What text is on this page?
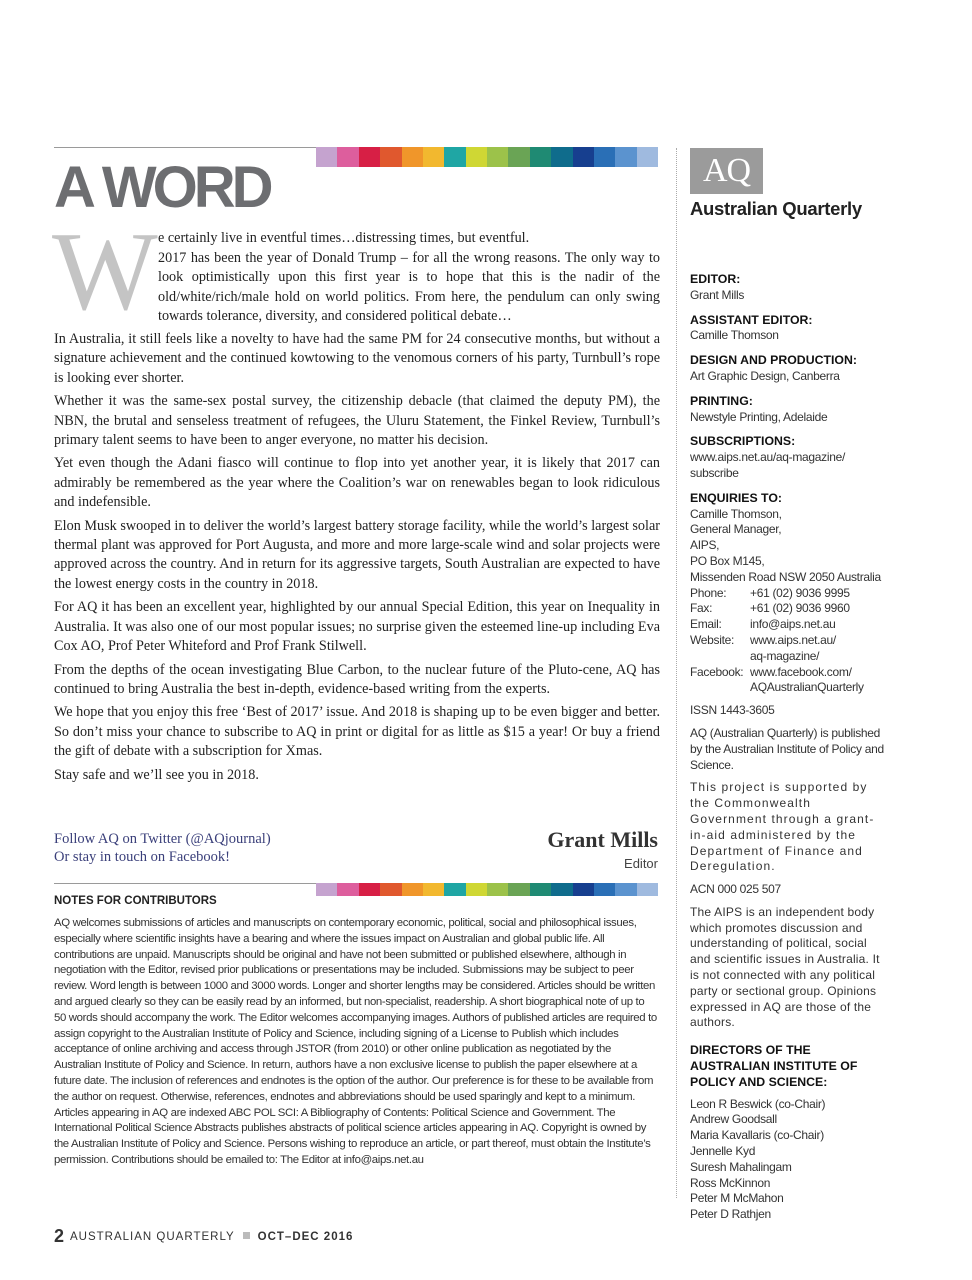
A WORD
W e certainly live in eventful times…distressing times, but eventful.

2017 has been the year of Donald Trump – for all the wrong reasons. The only way to look optimistically upon this first year is to hope that this is the nadir of the old/white/rich/male hold on world politics. From here, the pendulum can only swing towards tolerance, diversity, and considered political debate…

In Australia, it still feels like a novelty to have had the same PM for 24 consecutive months, but without a signature achievement and the continued kowtowing to the venomous corners of his party, Turnbull’s rope is looking ever shorter.

Whether it was the same-sex postal survey, the citizenship debacle (that claimed the deputy PM), the NBN, the brutal and senseless treatment of refugees, the Uluru Statement, the Finkel Review, Turnbull’s primary talent seems to have been to anger everyone, no matter his decision.

Yet even though the Adani fiasco will continue to flop into yet another year, it is likely that 2017 can admirably be remembered as the year where the Coalition’s war on renewables began to look ridiculous and indefensible.

Elon Musk swooped in to deliver the world’s largest battery storage facility, while the world’s largest solar thermal plant was approved for Port Augusta, and more and more large-scale wind and solar projects were approved across the country. And in return for its aggressive targets, South Australian are expected to have the lowest energy costs in the country in 2018.

For AQ it has been an excellent year, highlighted by our annual Special Edition, this year on Inequality in Australia. It was also one of our most popular issues; no surprise given the esteemed line-up including Eva Cox AO, Prof Peter Whiteford and Prof Frank Stilwell.

From the depths of the ocean investigating Blue Carbon, to the nuclear future of the Pluto-cene, AQ has continued to bring Australia the best in-depth, evidence-based writing from the experts.

We hope that you enjoy this free ‘Best of 2017’ issue. And 2018 is shaping up to be even bigger and better. So don’t miss your chance to subscribe to AQ in print or digital for as little as $15 a year! Or buy a friend the gift of debate with a subscription for Xmas.

Stay safe and we’ll see you in 2018.

Follow AQ on Twitter (@AQjournal)
Or stay in touch on Facebook!
Grant Mills
Editor
NOTES FOR CONTRIBUTORS
AQ welcomes submissions of articles and manuscripts on contemporary economic, political, social and philosophical issues, especially where scientific insights have a bearing and where the issues impact on Australian and global public life. All contributions are unpaid. Manuscripts should be original and have not been submitted or published elsewhere, although in negotiation with the Editor, revised prior publications or presentations may be included. Submissions may be subject to peer review. Word length is between 1000 and 3000 words. Longer and shorter lengths may be considered. Articles should be written and argued clearly so they can be easily read by an informed, but non-specialist, readership. A short biographical note of up to 50 words should accompany the work. The Editor welcomes accompanying images. Authors of published articles are required to assign copyright to the Australian Institute of Policy and Science, including signing of a License to Publish which includes acceptance of online archiving and access through JSTOR (from 2010) or other online publication as negotiated by the Australian Institute of Policy and Science. In return, authors have a non exclusive license to publish the paper elsewhere at a future date. The inclusion of references and endnotes is the option of the author. Our preference is for these to be available from the author on request. Otherwise, references, endnotes and abbreviations should be used sparingly and kept to a minimum. Articles appearing in AQ are indexed ABC POL SCI: A Bibliography of Contents: Political Science and Government. The International Political Science Abstracts publishes abstracts of political science articles appearing in AQ. Copyright is owned by the Australian Institute of Policy and Science. Persons wishing to reproduce an article, or part thereof, must obtain the Institute’s permission. Contributions should be emailed to: The Editor at info@aips.net.au
2 AUSTRALIAN QUARTERLY OCT–DEC 2016
AQ
Australian Quarterly
EDITOR:
Grant Mills
ASSISTANT EDITOR:
Camille Thomson
DESIGN AND PRODUCTION:
Art Graphic Design, Canberra
PRINTING:
Newstyle Printing, Adelaide
SUBSCRIPTIONS:
www.aips.net.au/aq-magazine/
subscribe
ENQUIRIES TO:
Camille Thomson,
General Manager,
AIPS,
PO Box M145,
Missenden Road NSW 2050 Australia
Phone:	+61 (02) 9036 9995
Fax:	+61 (02) 9036 9960
Email:	info@aips.net.au
Website:	www.aips.net.au/
aq-magazine/
Facebook:	www.facebook.com/
AQAustralianQuarterly
ISSN 1443-3605
AQ (Australian Quarterly) is published by the Australian Institute of Policy and Science.
This project is supported by the Commonwealth Government through a grant-in-aid administered by the Department of Finance and Deregulation.
ACN 000 025 507
The AIPS is an independent body which promotes discussion and understanding of political, social and scientific issues in Australia. It is not connected with any political party or sectional group. Opinions expressed in AQ are those of the authors.
DIRECTORS OF THE AUSTRALIAN INSTITUTE OF POLICY AND SCIENCE:
Leon R Beswick (co-Chair)
Andrew Goodsall
Maria Kavallaris (co-Chair)
Jennelle Kyd
Suresh Mahalingam
Ross McKinnon
Peter M McMahon
Peter D Rathjen
